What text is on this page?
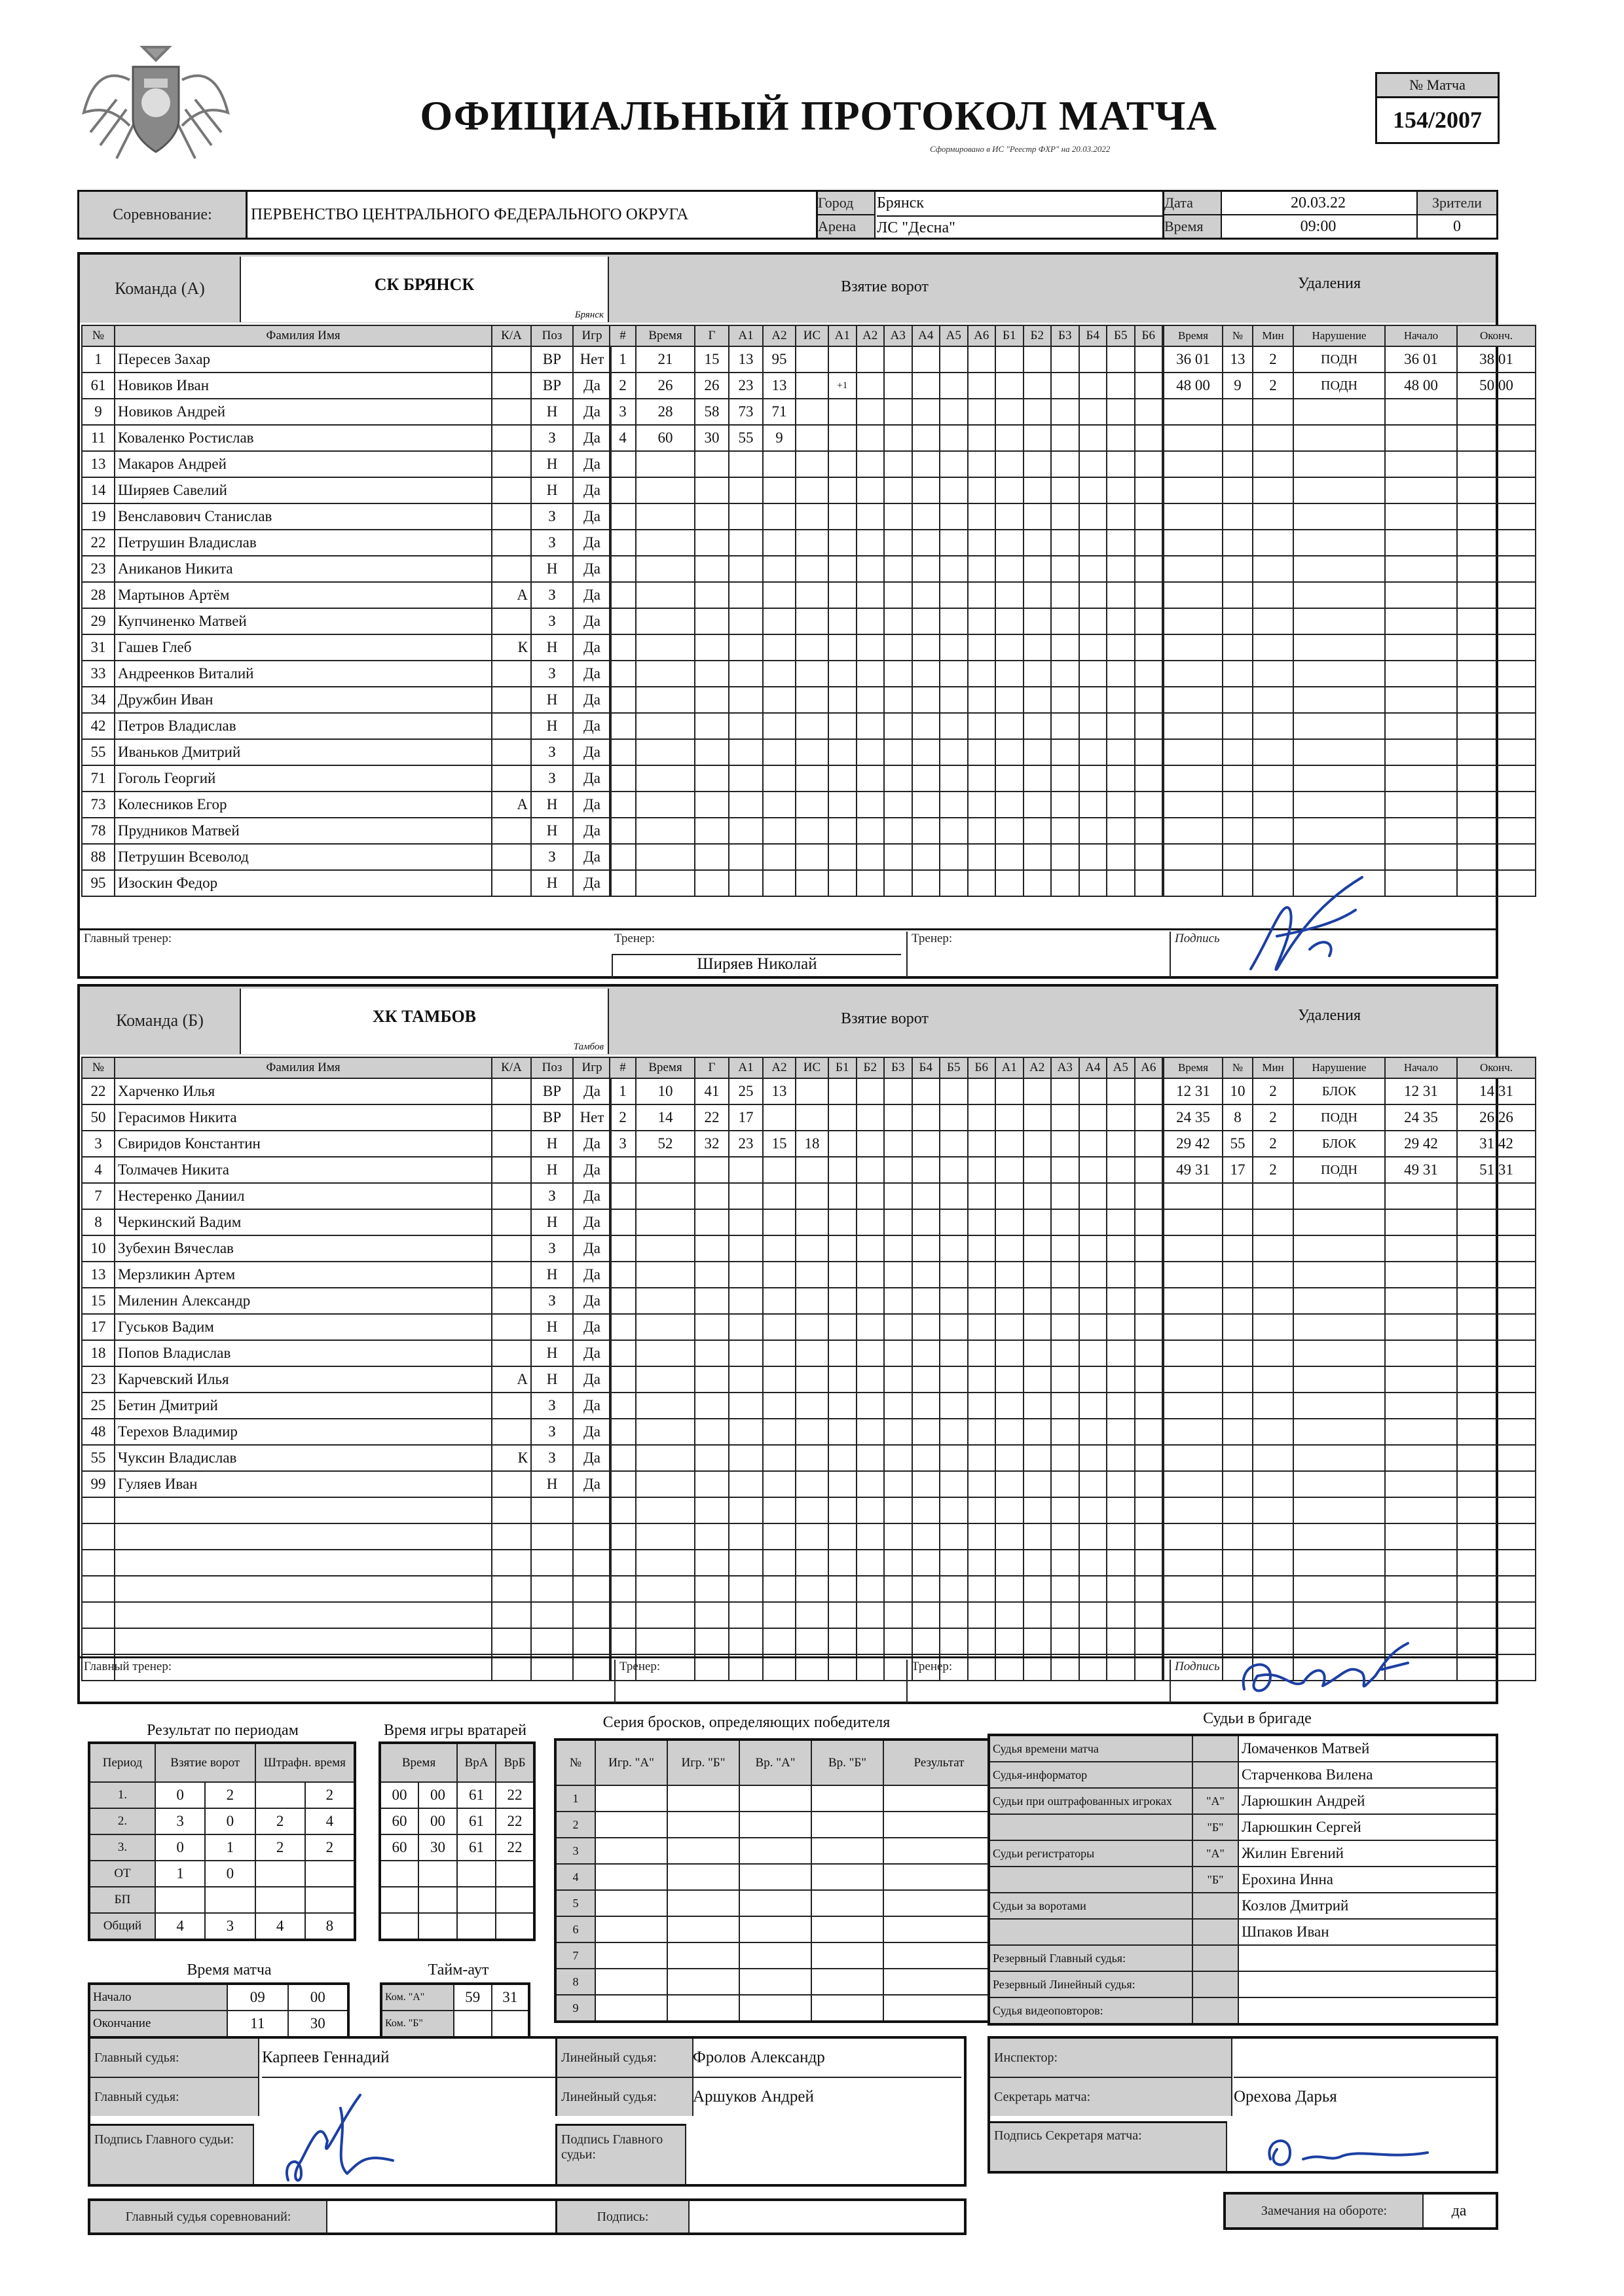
ОФИЦИАЛЬНЫЙ ПРОТОКОЛ МАТЧА
Сформировано в ИС "Реестр ФХР" на 20.03.2022
№ Матча
154/2007
Соревнование:	ПЕРВЕНСТВО ЦЕНТРАЛЬНОГО ФЕДЕРАЛЬНОГО ОКРУГА
Город	Брянск
Арена	ЛС "Десна"
Дата	20.03.22
Время	09:00
Зрители
0
Команда (А)	СК БРЯНСК
Брянск
Взятие ворот	Удаления
№	Фамилия Имя	К/А	Поз	Игр
1	Пересев Захар		ВР	Нет
61	Новиков Иван		ВР	Да
9	Новиков Андрей		Н	Да
11	Коваленко Ростислав		З	Да
13	Макаров Андрей		Н	Да
14	Ширяев Савелий		Н	Да
19	Венславович Станислав		З	Да
22	Петрушин Владислав		З	Да
23	Аниканов Никита		Н	Да
28	Мартынов Артём	А	З	Да
29	Купчиненко Матвей		З	Да
31	Гашев Глеб	К	Н	Да
33	Андреенков Виталий		З	Да
34	Дружбин Иван		Н	Да
42	Петров Владислав		Н	Да
55	Иваньков Дмитрий		З	Да
71	Гоголь Георгий		З	Да
73	Колесников Егор	А	Н	Да
78	Прудников Матвей		Н	Да
88	Петрушин Всеволод		З	Да
95	Изоскин Федор		Н	Да
#	Время	Г	А1	А2	ИС	А1	А2	А3	А4	А5	А6	Б1	Б2	Б3	Б4	Б5	Б6
1	21	15	13	95													
2	26	26	23	13		+1											
3	28	58	73	71													
4	60	30	55	9													

Время	№	Мин	Нарушение	Начало	Оконч.
36 01	13	2	ПОДН	36 01	38 01
48 00	9	2	ПОДН	48 00	50 00

Главный тренер:	Тренер:
Ширяев Николай
Тренер:	Подпись
Команда (Б)	ХК ТАМБОВ
Тамбов
Взятие ворот	Удаления
№	Фамилия Имя	К/А	Поз	Игр
22	Харченко Илья		ВР	Да
50	Герасимов Никита		ВР	Нет
3	Свиридов Константин		Н	Да
4	Толмачев Никита		Н	Да
7	Нестеренко Даниил		З	Да
8	Черкинский Вадим		Н	Да
10	Зубехин Вячеслав		З	Да
13	Мерзликин Артем		Н	Да
15	Миленин Александр		З	Да
17	Гуськов Вадим		Н	Да
18	Попов Владислав		Н	Да
23	Карчевский Илья	А	Н	Да
25	Бетин Дмитрий		З	Да
48	Терехов Владимир		З	Да
55	Чуксин Владислав	К	З	Да
99	Гуляев Иван		Н	Да

#	Время	Г	А1	А2	ИС	Б1	Б2	Б3	Б4	Б5	Б6	А1	А2	А3	А4	А5	А6
1	10	41	25	13													
2	14	22	17														
3	52	32	23	15	18												

Время	№	Мин	Нарушение	Начало	Оконч.
12 31	10	2	БЛОК	12 31	14 31
24 35	8	2	ПОДН	24 35	26 26
29 42	55	2	БЛОК	29 42	31 42
49 31	17	2	ПОДН	49 31	51 31

Главный тренер:	Тренер:	Тренер:	Подпись
Результат по периодам
Период	Взятие ворот		Штрафн. время	
1.	0	2		2
2.	3	0	2	4
3.	0	1	2	2
ОТ	1	0		
БП				
Общий	4	3	4	8
Время игры вратарей
Время		ВрА	ВрБ
00	00	61	22
60	00	61	22
60	30	61	22

Время матча
Начало	09	00
Окончание	11	30
Тайм-аут
Ком. "А"	59	31
Ком. "Б"		
Серия бросков, определяющих победителя
№	Игр. "А"	Игр. "Б"	Вр. "А"	Вр. "Б"	Результат
1					
2					
3					
4					
5					
6					
7					
8					
9					
Судьи в бригаде
Судья времени матча		Ломаченков Матвей
Судья-информатор		Старченкова Вилена
Судьи при оштрафованных игроках	"А"	Ларюшкин Андрей
	"Б"	Ларюшкин Сергей
Судьи регистраторы	"А"	Жилин Евгений
	"Б"	Ерохина Инна
Судьи за воротами		Козлов Дмитрий
		Шпаков Иван
Резервный Главный судья:		
Резервный Линейный судья:		
Судья видеоповторов:		
Главный судья:	Карпеев Геннадий
Главный судья:
Линейный судья:	Фролов Александр
Линейный судья:	Аршуков Андрей
Подпись Главного судьи:	Подпись Главного судьи:
Главный судья соревнований:	Подпись:
Инспектор:
Секретарь матча:	Орехова Дарья
Подпись Секретаря матча:
Замечания на обороте:	да
